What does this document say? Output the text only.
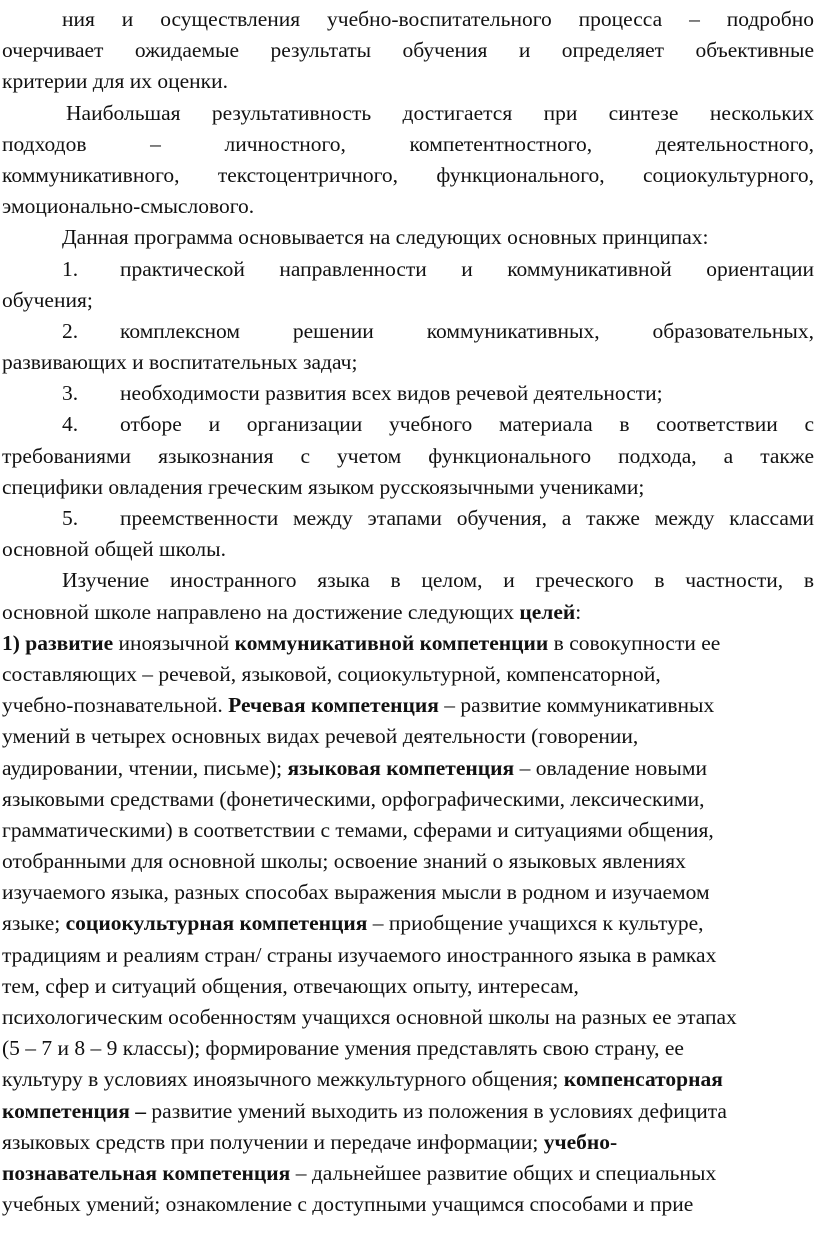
ния и осуществления учебно-воспитательного процесса – подробно
очерчивает ожидаемые результаты обучения и определяет объективные
критерии для их оценки.
Наибольшая результативность достигается при синтезе нескольких
подходов – личностного, компетентностного, деятельностного,
коммуникативного, текстоцентричного, функционального, социокультурного,
эмоционально-смыслового.
Данная программа основывается на следующих основных принципах:
1.	практической направленности и коммуникативной ориентации
обучения;
2.	комплексном решении коммуникативных, образовательных,
развивающих и воспитательных задач;
3. необходимости развития всех видов речевой деятельности;
4.	отборе и организации учебного материала в соответствии с
требованиями языкознания с учетом функционального подхода, а также
специфики овладения греческим языком русскоязычными учениками;
5.	преемственности между этапами обучения, а также между классами
основной общей школы.
Изучение иностранного языка в целом, и греческого в частности, в
основной школе направлено на достижение следующих целей:
1) развитие иноязычной коммуникативной компетенции в совокупности ее
составляющих – речевой, языковой, социокультурной, компенсаторной,
учебно-познавательной. Речевая компетенция – развитие коммуникативных
умений в четырех основных видах речевой деятельности (говорении,
аудировании, чтении, письме); языковая компетенция – овладение новыми
языковыми средствами (фонетическими, орфографическими, лексическими,
грамматическими) в соответствии с темами, сферами и ситуациями общения,
отобранными для основной школы; освоение знаний о языковых явлениях
изучаемого языка, разных способах выражения мысли в родном и изучаемом
языке; социокультурная компетенция – приобщение учащихся к культуре,
традициям и реалиям стран/ страны изучаемого иностранного языка в рамках
тем, сфер и ситуаций общения, отвечающих опыту, интересам,
психологическим особенностям учащихся основной школы на разных ее этапах
(5 – 7 и 8 – 9 классы); формирование умения представлять свою страну, ее
культуру в условиях иноязычного межкультурного общения; компенсаторная
компетенция – развитие умений выходить из положения в условиях дефицита
языковых средств при получении и передаче информации; учебно-
познавательная компетенция – дальнейшее развитие общих и специальных
учебных умений; ознакомление с доступными учащимся способами и прие
